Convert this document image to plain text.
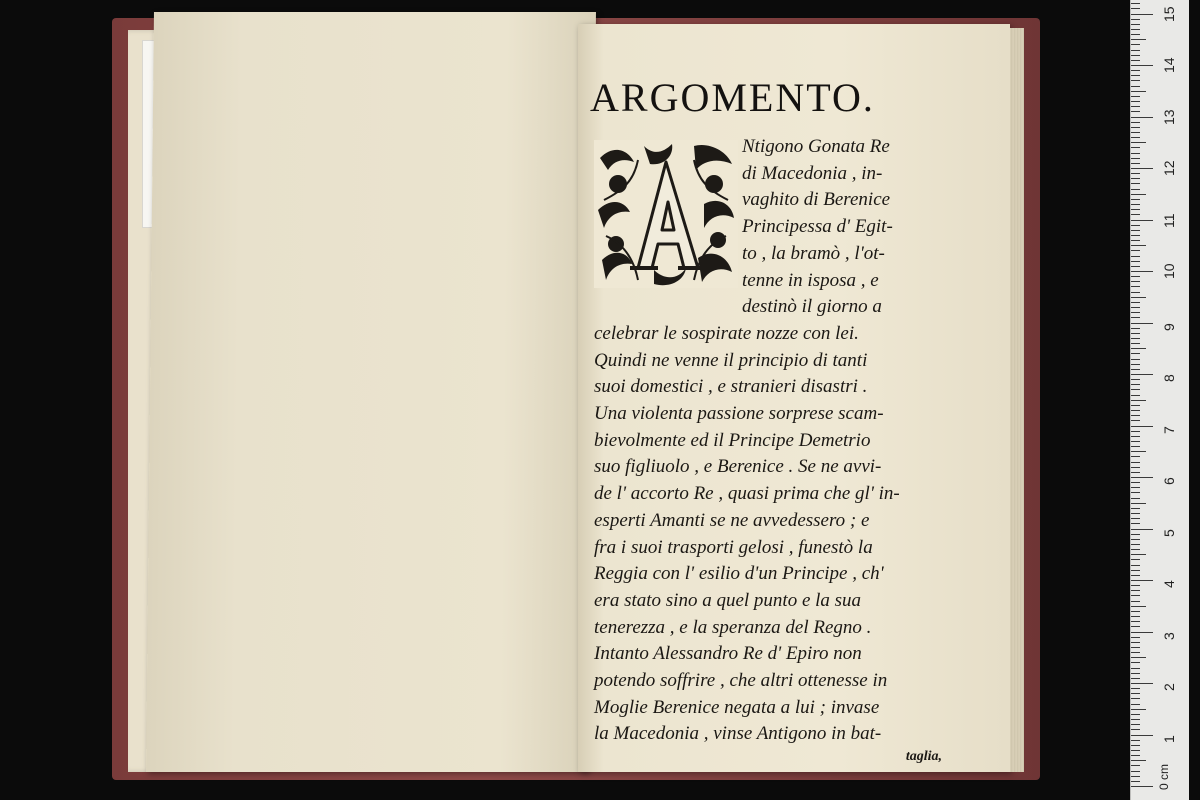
ARGOMENTO.
Ntigono Gonata Re
di Macedonia , in-
vaghito di Berenice
Principessa d' Egit-
to , la bramò , l'ot-
tenne in isposa , e
destinò il giorno a
celebrar le sospirate nozze con lei.
Quindi ne venne il principio di tanti
suoi domestici , e stranieri disastri .
Una violenta passione sorprese scam-
bievolmente ed il Principe Demetrio
suo figliuolo , e Berenice . Se ne avvi-
de l' accorto Re , quasi prima che gl' in-
esperti Amanti se ne avvedessero ; e
fra i suoi trasporti gelosi , funestò la
Reggia con l' esilio d'un Principe , ch'
era stato sino a quel punto e la sua
tenerezza , e la speranza del Regno .
Intanto Alessandro Re d' Epiro non
potendo soffrire , che altri ottenesse in
Moglie Berenice negata a lui ; invase
la Macedonia , vinse Antigono in bat-
taglia,
1
2
3
4
5
6
7
8
9
10
11
12
13
14
15
0 cm
